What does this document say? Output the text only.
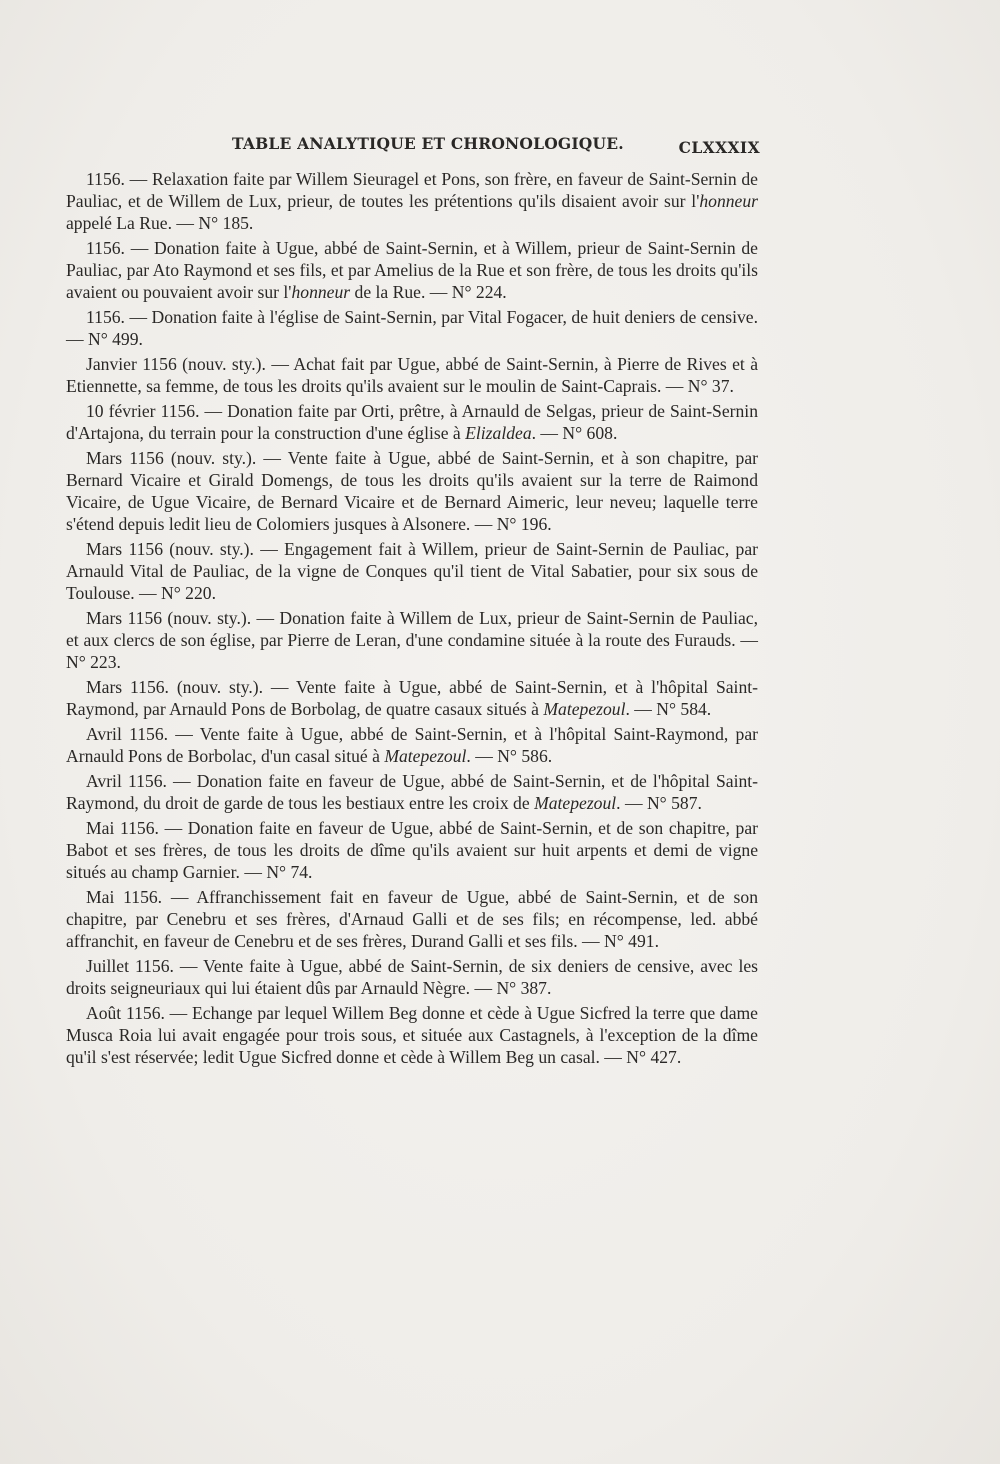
TABLE ANALYTIQUE ET CHRONOLOGIQUE.	CLXXXIX

1156. — Relaxation faite par Willem Sieuragel et Pons, son frère, en faveur de Saint-Sernin de Pauliac, et de Willem de Lux, prieur, de toutes les prétentions qu'ils disaient avoir sur l'honneur appelé La Rue. — N° 185.

1156. — Donation faite à Ugue, abbé de Saint-Sernin, et à Willem, prieur de Saint-Sernin de Pauliac, par Ato Raymond et ses fils, et par Amelius de la Rue et son frère, de tous les droits qu'ils avaient ou pouvaient avoir sur l'honneur de la Rue. — N° 224.

1156. — Donation faite à l'église de Saint-Sernin, par Vital Fogacer, de huit deniers de censive. — N° 499.

Janvier 1156 (nouv. sty.). — Achat fait par Ugue, abbé de Saint-Sernin, à Pierre de Rives et à Etiennette, sa femme, de tous les droits qu'ils avaient sur le moulin de Saint-Caprais. — N° 37.

10 février 1156. — Donation faite par Orti, prêtre, à Arnauld de Selgas, prieur de Saint-Sernin d'Artajona, du terrain pour la construction d'une église à Elizaldea. — N° 608.

Mars 1156 (nouv. sty.). — Vente faite à Ugue, abbé de Saint-Sernin, et à son chapitre, par Bernard Vicaire et Girald Domengs, de tous les droits qu'ils avaient sur la terre de Raimond Vicaire, de Ugue Vicaire, de Bernard Vicaire et de Bernard Aimeric, leur neveu; laquelle terre s'étend depuis ledit lieu de Colomiers jusques à Alsonere. — N° 196.

Mars 1156 (nouv. sty.). — Engagement fait à Willem, prieur de Saint-Sernin de Pauliac, par Arnauld Vital de Pauliac, de la vigne de Conques qu'il tient de Vital Sabatier, pour six sous de Toulouse. — N° 220.

Mars 1156 (nouv. sty.). — Donation faite à Willem de Lux, prieur de Saint-Sernin de Pauliac, et aux clercs de son église, par Pierre de Leran, d'une condamine située à la route des Furauds. — N° 223.

Mars 1156. (nouv. sty.). — Vente faite à Ugue, abbé de Saint-Sernin, et à l'hôpital Saint-Raymond, par Arnauld Pons de Borbolag, de quatre casaux situés à Matepezoul. — N° 584.

Avril 1156. — Vente faite à Ugue, abbé de Saint-Sernin, et à l'hôpital Saint-Raymond, par Arnauld Pons de Borbolac, d'un casal situé à Matepezoul. — N° 586.

Avril 1156. — Donation faite en faveur de Ugue, abbé de Saint-Sernin, et de l'hôpital Saint-Raymond, du droit de garde de tous les bestiaux entre les croix de Matepezoul. — N° 587.

Mai 1156. — Donation faite en faveur de Ugue, abbé de Saint-Sernin, et de son chapitre, par Babot et ses frères, de tous les droits de dîme qu'ils avaient sur huit arpents et demi de vigne situés au champ Garnier. — N° 74.

Mai 1156. — Affranchissement fait en faveur de Ugue, abbé de Saint-Sernin, et de son chapitre, par Cenebru et ses frères, d'Arnaud Galli et de ses fils; en récompense, led. abbé affranchit, en faveur de Cenebru et de ses frères, Durand Galli et ses fils. — N° 491.

Juillet 1156. — Vente faite à Ugue, abbé de Saint-Sernin, de six deniers de censive, avec les droits seigneuriaux qui lui étaient dûs par Arnauld Nègre. — N° 387.

Août 1156. — Echange par lequel Willem Beg donne et cède à Ugue Sicfred la terre que dame Musca Roia lui avait engagée pour trois sous, et située aux Castagnels, à l'exception de la dîme qu'il s'est réservée; ledit Ugue Sicfred donne et cède à Willem Beg un casal. — N° 427.
